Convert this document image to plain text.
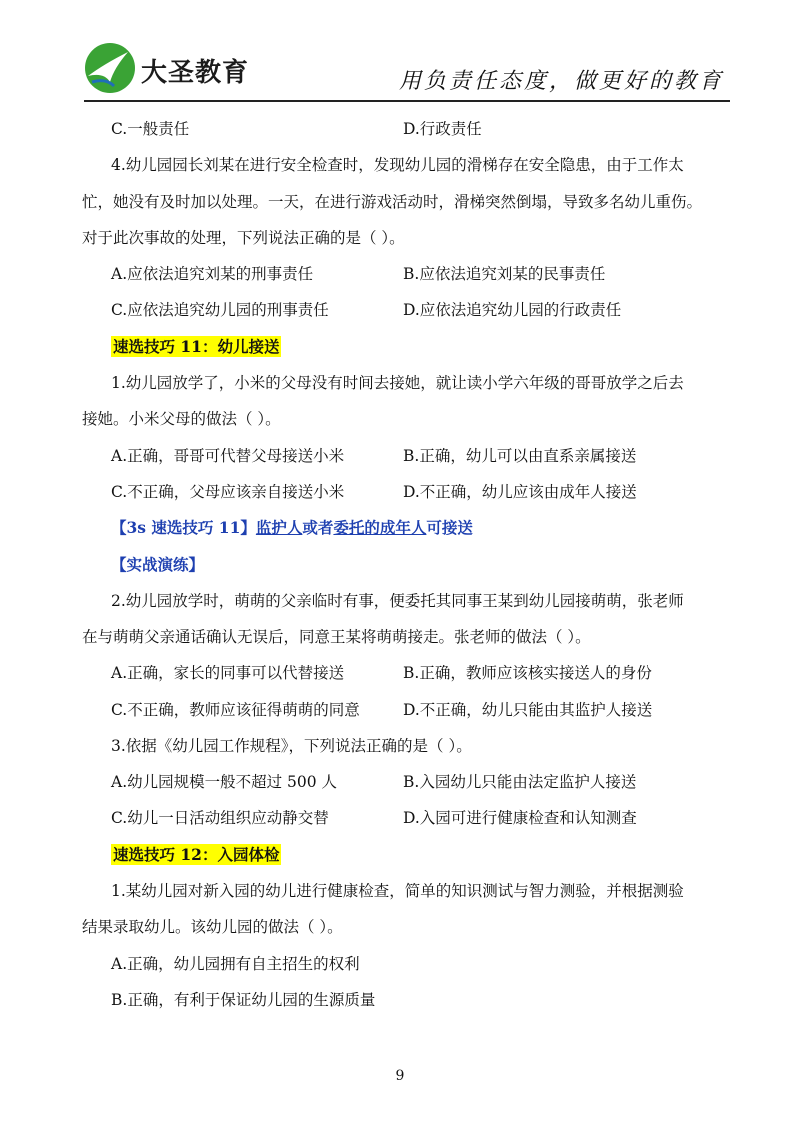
大圣教育	用负责任态度，做更好的教育
C.一般责任	D.行政责任
4.幼儿园园长刘某在进行安全检查时，发现幼儿园的滑梯存在安全隐患，由于工作太
忙，她没有及时加以处理。一天，在进行游戏活动时，滑梯突然倒塌，导致多名幼儿重伤。
对于此次事故的处理，下列说法正确的是（ ）。
A.应依法追究刘某的刑事责任	B.应依法追究刘某的民事责任
C.应依法追究幼儿园的刑事责任	D.应依法追究幼儿园的行政责任
速选技巧 11：幼儿接送
1.幼儿园放学了，小米的父母没有时间去接她，就让读小学六年级的哥哥放学之后去
接她。小米父母的做法（ ）。
A.正确，哥哥可代替父母接送小米	B.正确，幼儿可以由直系亲属接送
C.不正确，父母应该亲自接送小米	D.不正确，幼儿应该由成年人接送
【3s 速选技巧 11】监护人或者委托的成年人可接送
【实战演练】
2.幼儿园放学时，萌萌的父亲临时有事，便委托其同事王某到幼儿园接萌萌，张老师
在与萌萌父亲通话确认无误后，同意王某将萌萌接走。张老师的做法（ ）。
A.正确，家长的同事可以代替接送	B.正确，教师应该核实接送人的身份
C.不正确，教师应该征得萌萌的同意	D.不正确，幼儿只能由其监护人接送
3.依据《幼儿园工作规程》，下列说法正确的是（ ）。
A.幼儿园规模一般不超过 500 人	B.入园幼儿只能由法定监护人接送
C.幼儿一日活动组织应动静交替	D.入园可进行健康检查和认知测查
速选技巧 12：入园体检
1.某幼儿园对新入园的幼儿进行健康检查，简单的知识测试与智力测验，并根据测验
结果录取幼儿。该幼儿园的做法（ ）。
A.正确，幼儿园拥有自主招生的权利
B.正确，有利于保证幼儿园的生源质量
9
